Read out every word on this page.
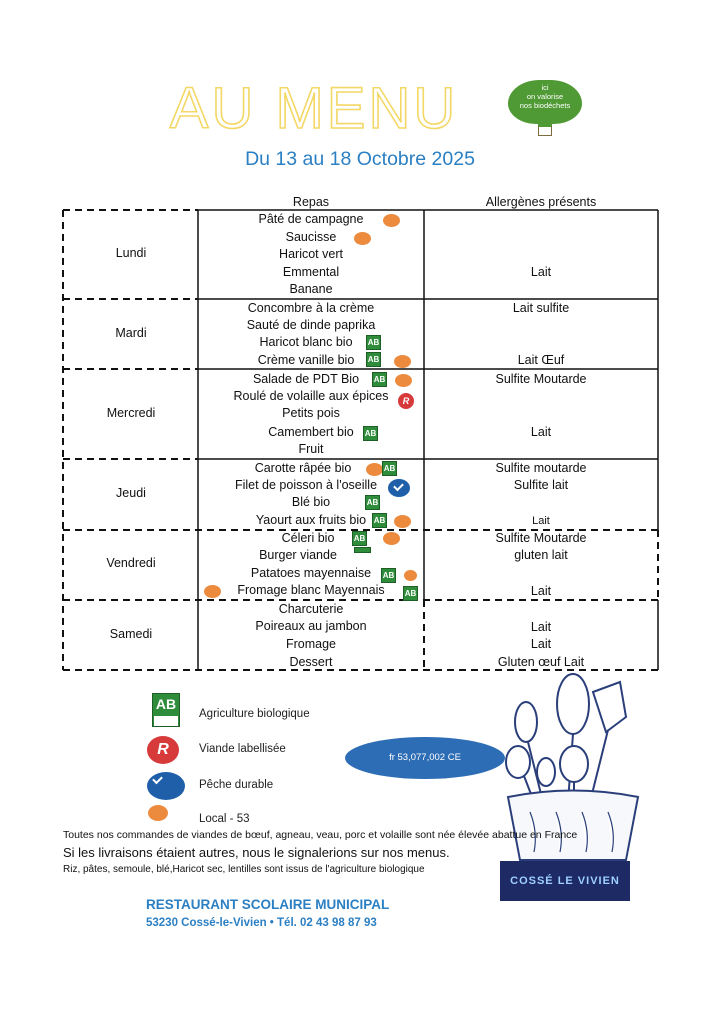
AU MENU
Du 13 au 18 Octobre 2025
ici
on valorise
nos biodéchets
Repas	Allergènes présents
Lundi
Mardi
Mercredi
Jeudi
Vendredi
Samedi
Pâté de campagne
Saucisse
Haricot vert
Emmental
Banane
Lait
Concombre à la crème
Sauté de dinde paprika
Haricot blanc bio
Crème vanille bio
Lait sulfite
Lait Œuf
AB
AB
Salade de PDT Bio
Roulé de volaille aux épices
Petits pois
Camembert bio
Fruit
Sulfite Moutarde
Lait
AB
R
AB
Carotte râpée bio
Filet de poisson à l'oseille
Blé bio
Yaourt aux fruits bio
Sulfite moutarde
Sulfite lait
Lait
AB
AB
AB
Céleri bio
Burger viande
Patatoes mayennaise
Fromage blanc Mayennais
Sulfite Moutarde
gluten lait
Lait
AB
AB
AB
Charcuterie
Poireaux au jambon
Fromage
Dessert
Lait
Lait
Gluten œuf Lait
AB
Agriculture biologique
R	Viande labellisée
Pêche durable
Local - 53
fr 53,077,002 CE
Toutes nos commandes de viandes de bœuf, agneau, veau, porc et volaille sont née élevée abattue en France
Si les livraisons étaient autres, nous le signalerions sur nos menus.
Riz, pâtes, semoule, blé,Haricot sec, lentilles sont issus de l'agriculture biologique
COSSÉ LE VIVIEN
RESTAURANT SCOLAIRE MUNICIPAL
53230 Cossé-le-Vivien • Tél. 02 43 98 87 93
